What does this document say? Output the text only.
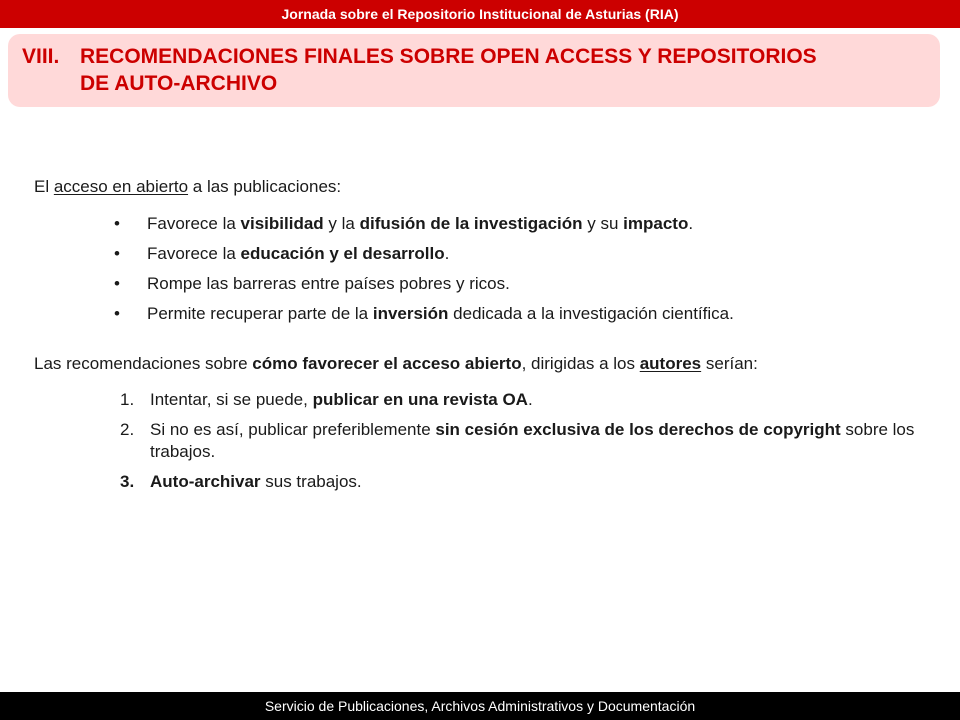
Jornada sobre el Repositorio Institucional de Asturias (RIA)
VIII. RECOMENDACIONES FINALES SOBRE OPEN ACCESS Y REPOSITORIOS
DE AUTO-ARCHIVO

El acceso en abierto a las publicaciones:

• Favorece la visibilidad y la difusión de la investigación y su impacto.
• Favorece la educación y el desarrollo.
• Rompe las barreras entre países pobres y ricos.
• Permite recuperar parte de la inversión dedicada a la investigación científica.

Las recomendaciones sobre cómo favorecer el acceso abierto, dirigidas a los autores serían:

1. Intentar, si se puede, publicar en una revista OA.
2. Si no es así, publicar preferiblemente sin cesión exclusiva de los derechos de copyright sobre los trabajos.
3. Auto-archivar sus trabajos.
Servicio de Publicaciones, Archivos Administrativos y Documentación
